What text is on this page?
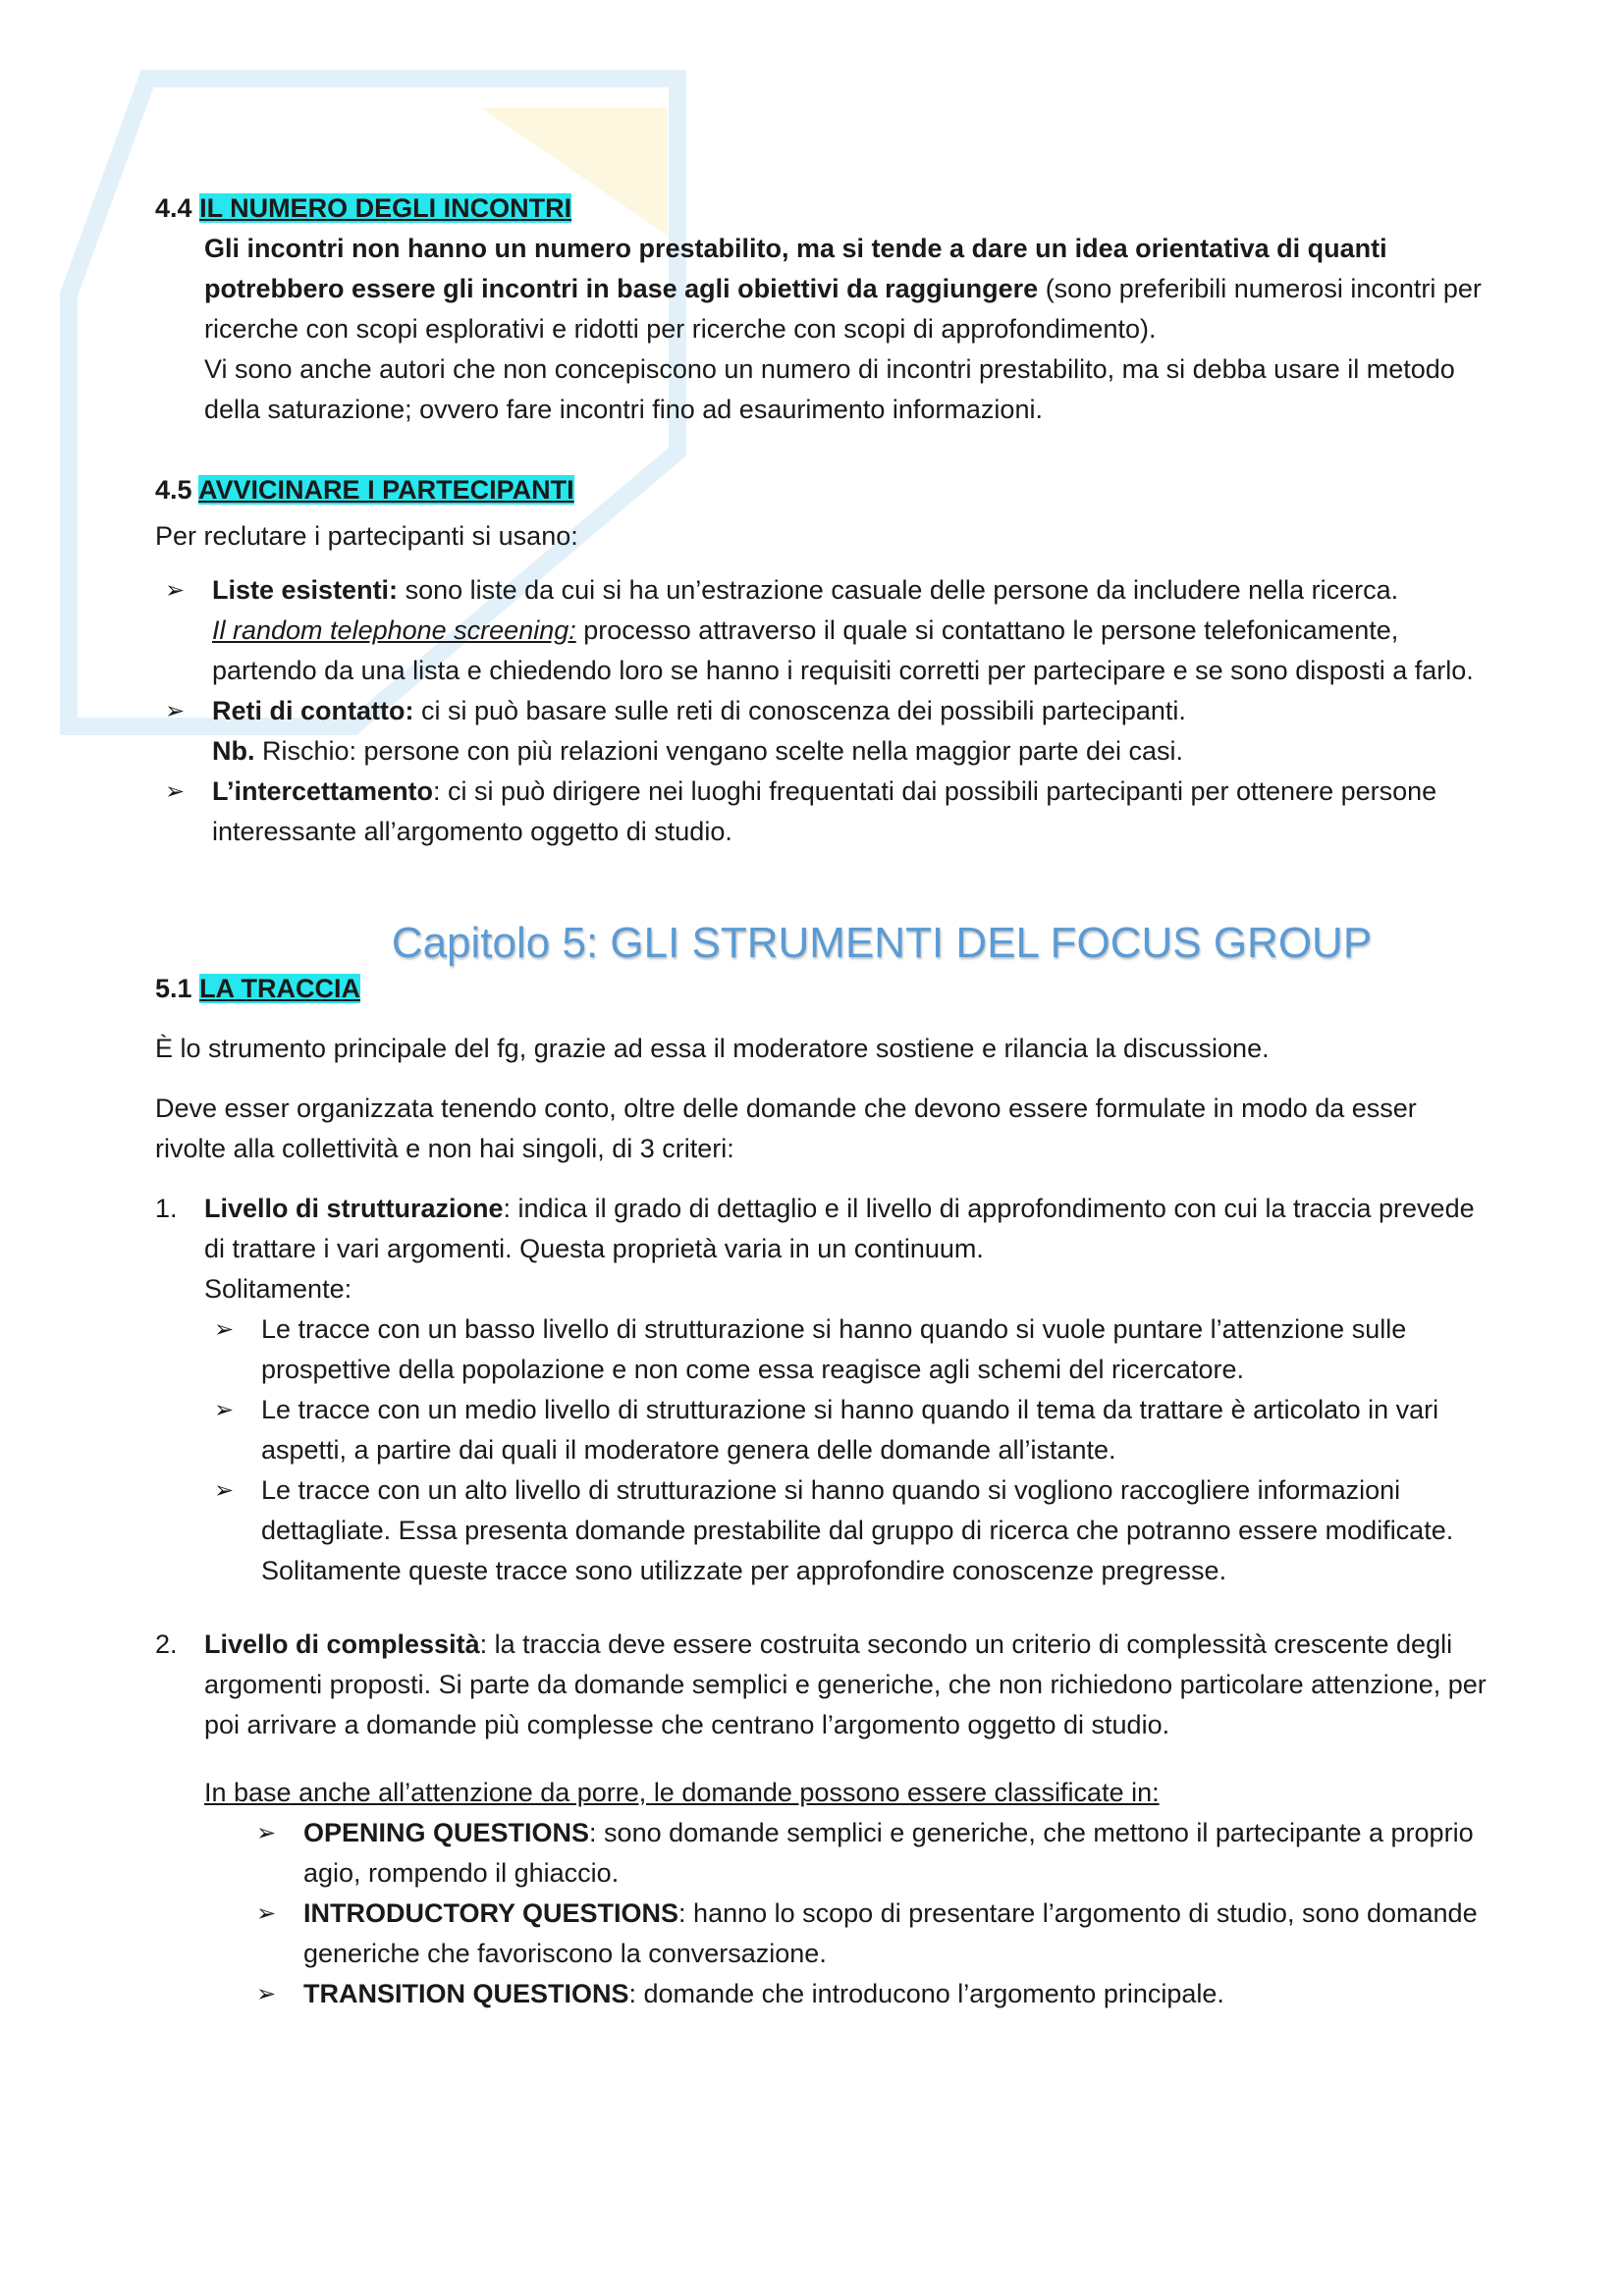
4.4 IL NUMERO DEGLI INCONTRI

Gli incontri non hanno un numero prestabilito, ma si tende a dare un idea orientativa di quanti potrebbero essere gli incontri in base agli obiettivi da raggiungere (sono preferibili numerosi incontri per ricerche con scopi esplorativi e ridotti per ricerche con scopi di approfondimento).

Vi sono anche autori che non concepiscono un numero di incontri prestabilito, ma si debba usare il metodo della saturazione; ovvero fare incontri fino ad esaurimento informazioni.

4.5 AVVICINARE I PARTECIPANTI

Per reclutare i partecipanti si usano:

➢ Liste esistenti: sono liste da cui si ha un’estrazione casuale delle persone da includere nella ricerca.
Il random telephone screening: processo attraverso il quale si contattano le persone telefonicamente, partendo da una lista e chiedendo loro se hanno i requisiti corretti per partecipare e se sono disposti a farlo.
➢ Reti di contatto: ci si può basare sulle reti di conoscenza dei possibili partecipanti.
Nb. Rischio: persone con più relazioni vengano scelte nella maggior parte dei casi.
➢ L’intercettamento: ci si può dirigere nei luoghi frequentati dai possibili partecipanti per ottenere persone interessante all’argomento oggetto di studio.

Capitolo 5: GLI STRUMENTI DEL FOCUS GROUP

5.1 LA TRACCIA

È lo strumento principale del fg, grazie ad essa il moderatore sostiene e rilancia la discussione.

Deve esser organizzata tenendo conto, oltre delle domande che devono essere formulate in modo da esser rivolte alla collettività e non hai singoli, di 3 criteri:

1. Livello di strutturazione: indica il grado di dettaglio e il livello di approfondimento con cui la traccia prevede di trattare i vari argomenti. Questa proprietà varia in un continuum.
Solitamente:
➢ Le tracce con un basso livello di strutturazione si hanno quando si vuole puntare l’attenzione sulle prospettive della popolazione e non come essa reagisce agli schemi del ricercatore.
➢ Le tracce con un medio livello di strutturazione si hanno quando il tema da trattare è articolato in vari aspetti, a partire dai quali il moderatore genera delle domande all’istante.
➢ Le tracce con un alto livello di strutturazione si hanno quando si vogliono raccogliere informazioni dettagliate. Essa presenta domande prestabilite dal gruppo di ricerca che potranno essere modificate. Solitamente queste tracce sono utilizzate per approfondire conoscenze pregresse.
2. Livello di complessità: la traccia deve essere costruita secondo un criterio di complessità crescente degli argomenti proposti. Si parte da domande semplici e generiche, che non richiedono particolare attenzione, per poi arrivare a domande più complesse che centrano l’argomento oggetto di studio.

In base anche all’attenzione da porre, le domande possono essere classificate in:

➢ OPENING QUESTIONS: sono domande semplici e generiche, che mettono il partecipante a proprio agio, rompendo il ghiaccio.
➢ INTRODUCTORY QUESTIONS: hanno lo scopo di presentare l’argomento di studio, sono domande generiche che favoriscono la conversazione.
➢ TRANSITION QUESTIONS: domande che introducono l’argomento principale.
